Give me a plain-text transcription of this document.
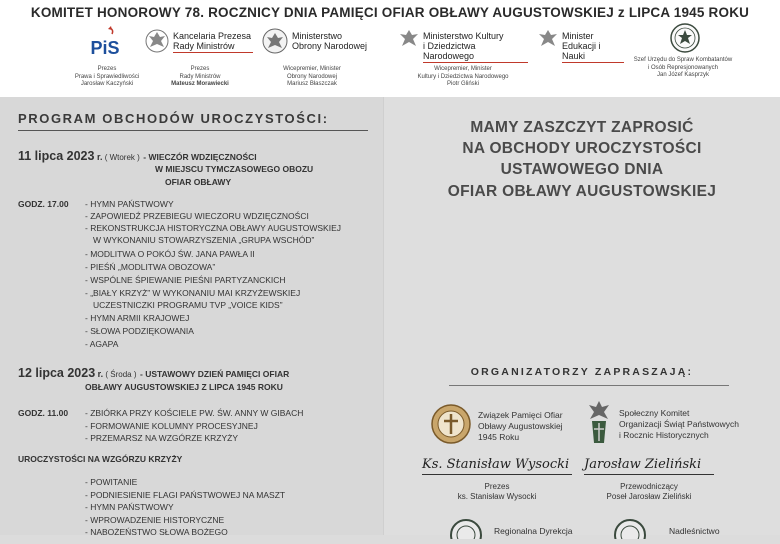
KOMITET HONOROWY 78. ROCZNICY DNIA PAMIĘCI OFIAR OBŁAWY AUGUSTOWSKIEJ z LIPCA 1945 ROKU
PiS
Prezes
Prawa i Sprawiedliwości
Jarosław Kaczyński
Kancelaria Prezesa
Rady Ministrów
Prezes
Rady Ministrów
Mateusz Morawiecki
Ministerstwo
Obrony Narodowej
Wicepremier, Minister
Obrony Narodowej
Mariusz Błaszczak
Ministerstwo Kultury
i Dziedzictwa Narodowego
Wicepremier, Minister
Kultury i Dziedzictwa Narodowego
Piotr Gliński
Minister
Edukacji i Nauki	Szef Urzędu do Spraw Kombatantów
i Osób Represjonowanych
Jan Józef Kasprzyk
PROGRAM OBCHODÓW UROCZYSTOŚCI:
11 lipca 2023 r. ( Wtorek ) - WIECZÓR WDZIĘCZNOŚCI
W MIEJSCU TYMCZASOWEGO OBOZU
OFIAR OBŁAWY
GODZ. 17.00 - HYMN PAŃSTWOWY
- ZAPOWIEDŹ PRZEBIEGU WIECZORU WDZIĘCZNOŚCI
- REKONSTRUKCJA HISTORYCZNA OBŁAWY AUGUSTOWSKIEJ
W WYKONANIU STOWARZYSZENIA „GRUPA WSCHÓD”
- MODLITWA O POKÓJ ŚW. JANA PAWŁA II
- PIEŚŃ „MODLITWA OBOZOWA”
- WSPÓLNE ŚPIEWANIE PIEŚNI PARTYZANCKICH
- „BIAŁY KRZYŻ” W WYKONANIU MAI KRZYŻEWSKIEJ
UCZESTNICZKI PROGRAMU TVP „VOICE KIDS”
- HYMN ARMII KRAJOWEJ
- SŁOWA PODZIĘKOWANIA
- AGAPA
12 lipca 2023 r. ( Środa ) - USTAWOWY DZIEŃ PAMIĘCI OFIAR
OBŁAWY AUGUSTOWSKIEJ Z LIPCA 1945 ROKU
GODZ. 11.00 - ZBIÓRKA PRZY KOŚCIELE PW. ŚW. ANNY W GIBACH
- FORMOWANIE KOLUMNY PROCESYJNEJ
- PRZEMARSZ NA WZGÓRZE KRZYŻY
UROCZYSTOŚCI NA WZGÓRZU KRZYŻY
- POWITANIE
- PODNIESIENIE FLAGI PAŃSTWOWEJ NA MASZT
- HYMN PAŃSTWOWY
- WPROWADZENIE HISTORYCZNE
- NABOŻEŃSTWO SŁOWA BOŻEGO
MAMY ZASZCZYT ZAPROSIĆ
NA OBCHODY UROCZYSTOŚCI
USTAWOWEGO DNIA
OFIAR OBŁAWY AUGUSTOWSKIEJ
ORGANIZATORZY ZAPRASZAJĄ:
Związek Pamięci Ofiar
Obławy Augustowskiej
1945 Roku
Społeczny Komitet
Organizacji Świąt Państwowych
i Rocznic Historycznych
Ks. Stanisław Wysocki
Prezes
ks. Stanisław Wysocki
Jarosław Zieliński
Przewodniczący
Poseł Jarosław Zieliński
Regionalna Dyrekcja	Nadleśnictwo
